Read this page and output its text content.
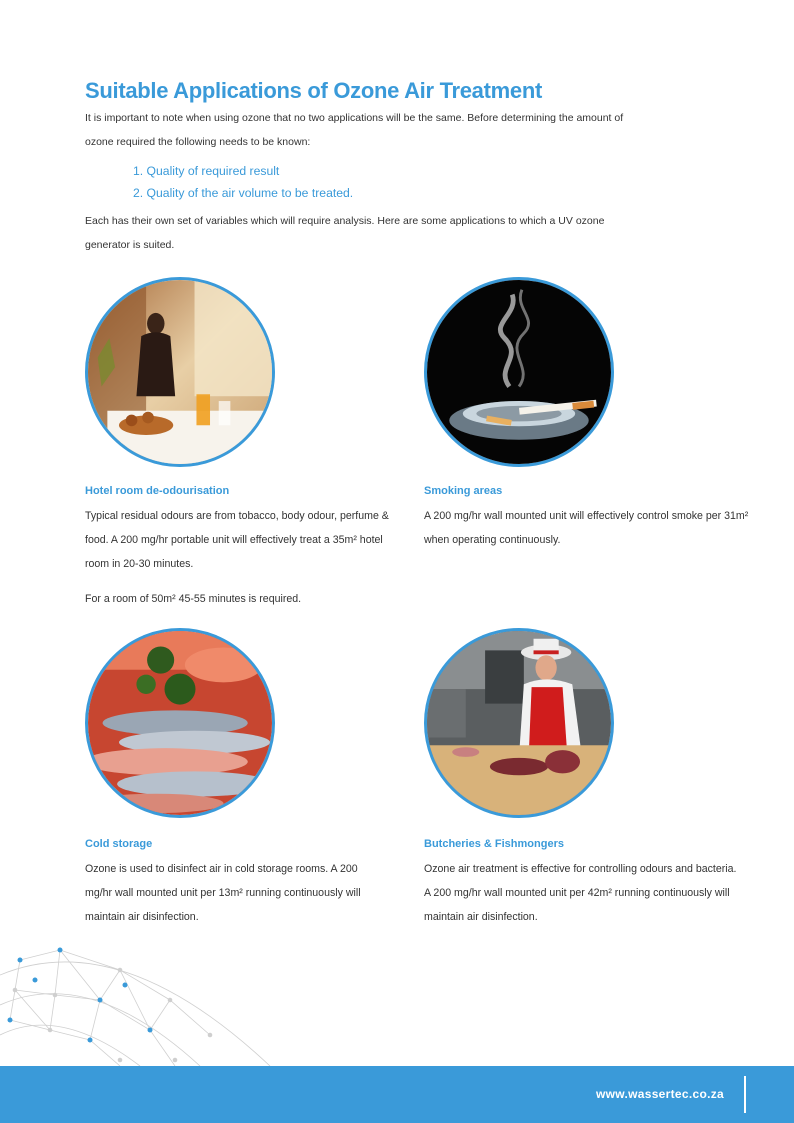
Suitable Applications of Ozone Air Treatment
It is important to note when using ozone that no two applications will be the same. Before determining the amount of ozone required the following needs to be known:
1. Quality of required result
2. Quality of the air volume to be treated.
Each has their own set of variables which will require analysis. Here are some applications to which a UV ozone generator is suited.
Hotel room de-odourisation
Typical residual odours are from tobacco, body odour, perfume & food. A 200 mg/hr portable unit will effectively treat a 35m² hotel room in 20-30 minutes.
For a room of 50m² 45-55 minutes is required.
Smoking areas
A 200 mg/hr wall mounted unit will effectively control smoke per 31m² when operating continuously.
Cold storage
Ozone is used to disinfect air in cold storage rooms. A 200 mg/hr wall mounted unit per 13m² running continuously will maintain air disinfection.
Butcheries & Fishmongers
Ozone air treatment is effective for controlling odours and bacteria. A 200 mg/hr wall mounted unit per 42m² running continuously will maintain air disinfection.
www.wassertec.co.za
